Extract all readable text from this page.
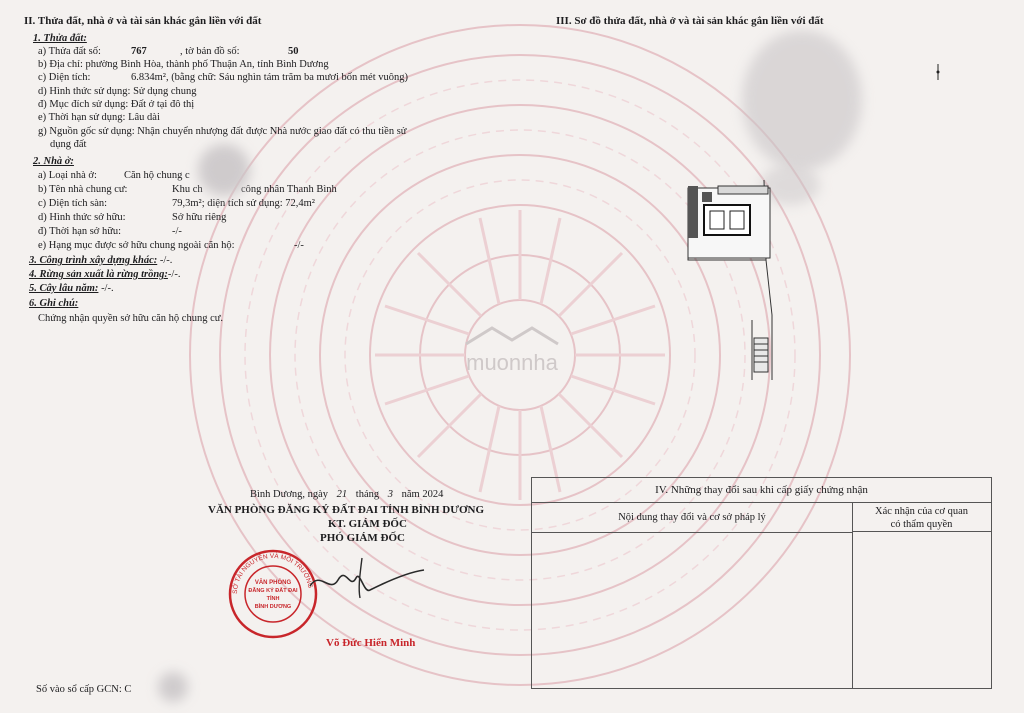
II. Thửa đất, nhà ở và tài sản khác gắn liền với đất
1. Thửa đất:
a) Thửa đất số:	767	, tờ bản đồ số:	50
b) Địa chỉ: phường Bình Hòa, thành phố Thuận An, tỉnh Bình Dương
c) Diện tích:	6.834m², (bằng chữ: Sáu nghìn tám trăm ba mươi bốn mét vuông)
d) Hình thức sử dụng: Sử dụng chung
đ) Mục đích sử dụng: Đất ở tại đô thị
e) Thời hạn sử dụng: Lâu dài
g) Nguồn gốc sử dụng: Nhận chuyển nhượng đất được Nhà nước giao đất có thu tiền sử
dụng đất
2. Nhà ở:
a) Loại nhà ở:	Căn hộ chung c
b) Tên nhà chung cư:	Khu ch	công nhân Thanh Bình
c) Diện tích sàn:	79,3m²; diện tích sử dụng: 72,4m²
d) Hình thức sở hữu:	Sở hữu riêng
đ) Thời hạn sở hữu:	-/-
e) Hạng mục được sở hữu chung ngoài căn hộ:	-/-
3. Công trình xây dựng khác: -/-.
4. Rừng sản xuất là rừng trồng:-/-.
5. Cây lâu năm: -/-.
6. Ghi chú:
Chứng nhận quyền sở hữu căn hộ chung cư.
III. Sơ đồ thửa đất, nhà ở và tài sản khác gắn liền với đất
muonnha
Bình Dương, ngày 21 tháng 3 năm 2024
VĂN PHÒNG ĐĂNG KÝ ĐẤT ĐAI TỈNH BÌNH DƯƠNG
KT. GIÁM ĐỐC
PHÓ GIÁM ĐỐC
SỞ TÀI NGUYÊN VÀ MÔI TRƯỜNG
VĂN PHÒNG
ĐĂNG KÝ ĐẤT ĐAI
TỈNH
BÌNH DƯƠNG
Võ Đức Hiển Minh
IV. Những thay đổi sau khi cấp giấy chứng nhận
Nội dung thay đổi và cơ sở pháp lý	Xác nhận của cơ quan
có thẩm quyền
Số vào sổ cấp GCN: C
